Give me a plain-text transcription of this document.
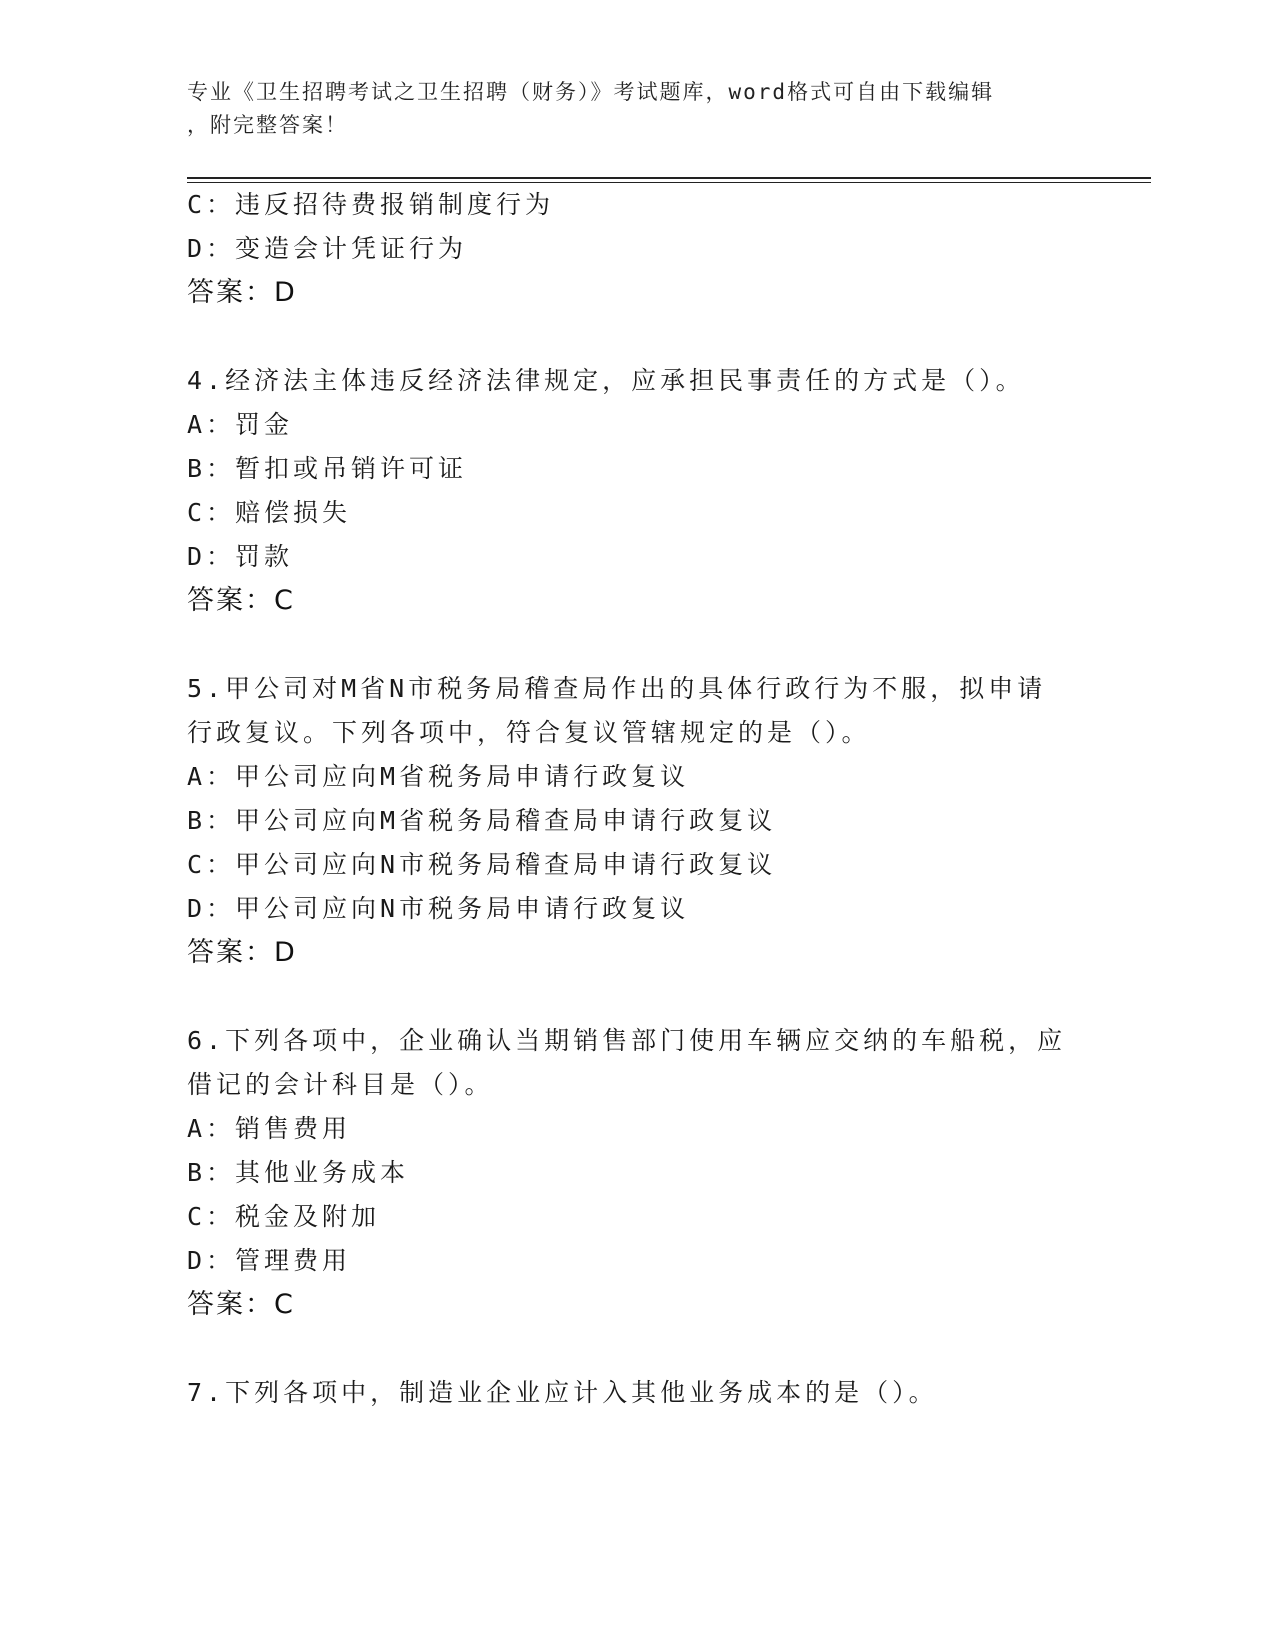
专业《卫生招聘考试之卫生招聘（财务）》考试题库，word格式可自由下载编辑
，附完整答案！
C：违反招待费报销制度行为
D：变造会计凭证行为
答案：D
4.经济法主体违反经济法律规定，应承担民事责任的方式是（）。
A：罚金
B：暂扣或吊销许可证
C：赔偿损失
D：罚款
答案：C
5.甲公司对M省N市税务局稽查局作出的具体行政行为不服，拟申请
行政复议。下列各项中，符合复议管辖规定的是（）。
A：甲公司应向M省税务局申请行政复议
B：甲公司应向M省税务局稽查局申请行政复议
C：甲公司应向N市税务局稽查局申请行政复议
D：甲公司应向N市税务局申请行政复议
答案：D
6.下列各项中，企业确认当期销售部门使用车辆应交纳的车船税，应
借记的会计科目是（）。
A：销售费用
B：其他业务成本
C：税金及附加
D：管理费用
答案：C
7.下列各项中，制造业企业应计入其他业务成本的是（）。
